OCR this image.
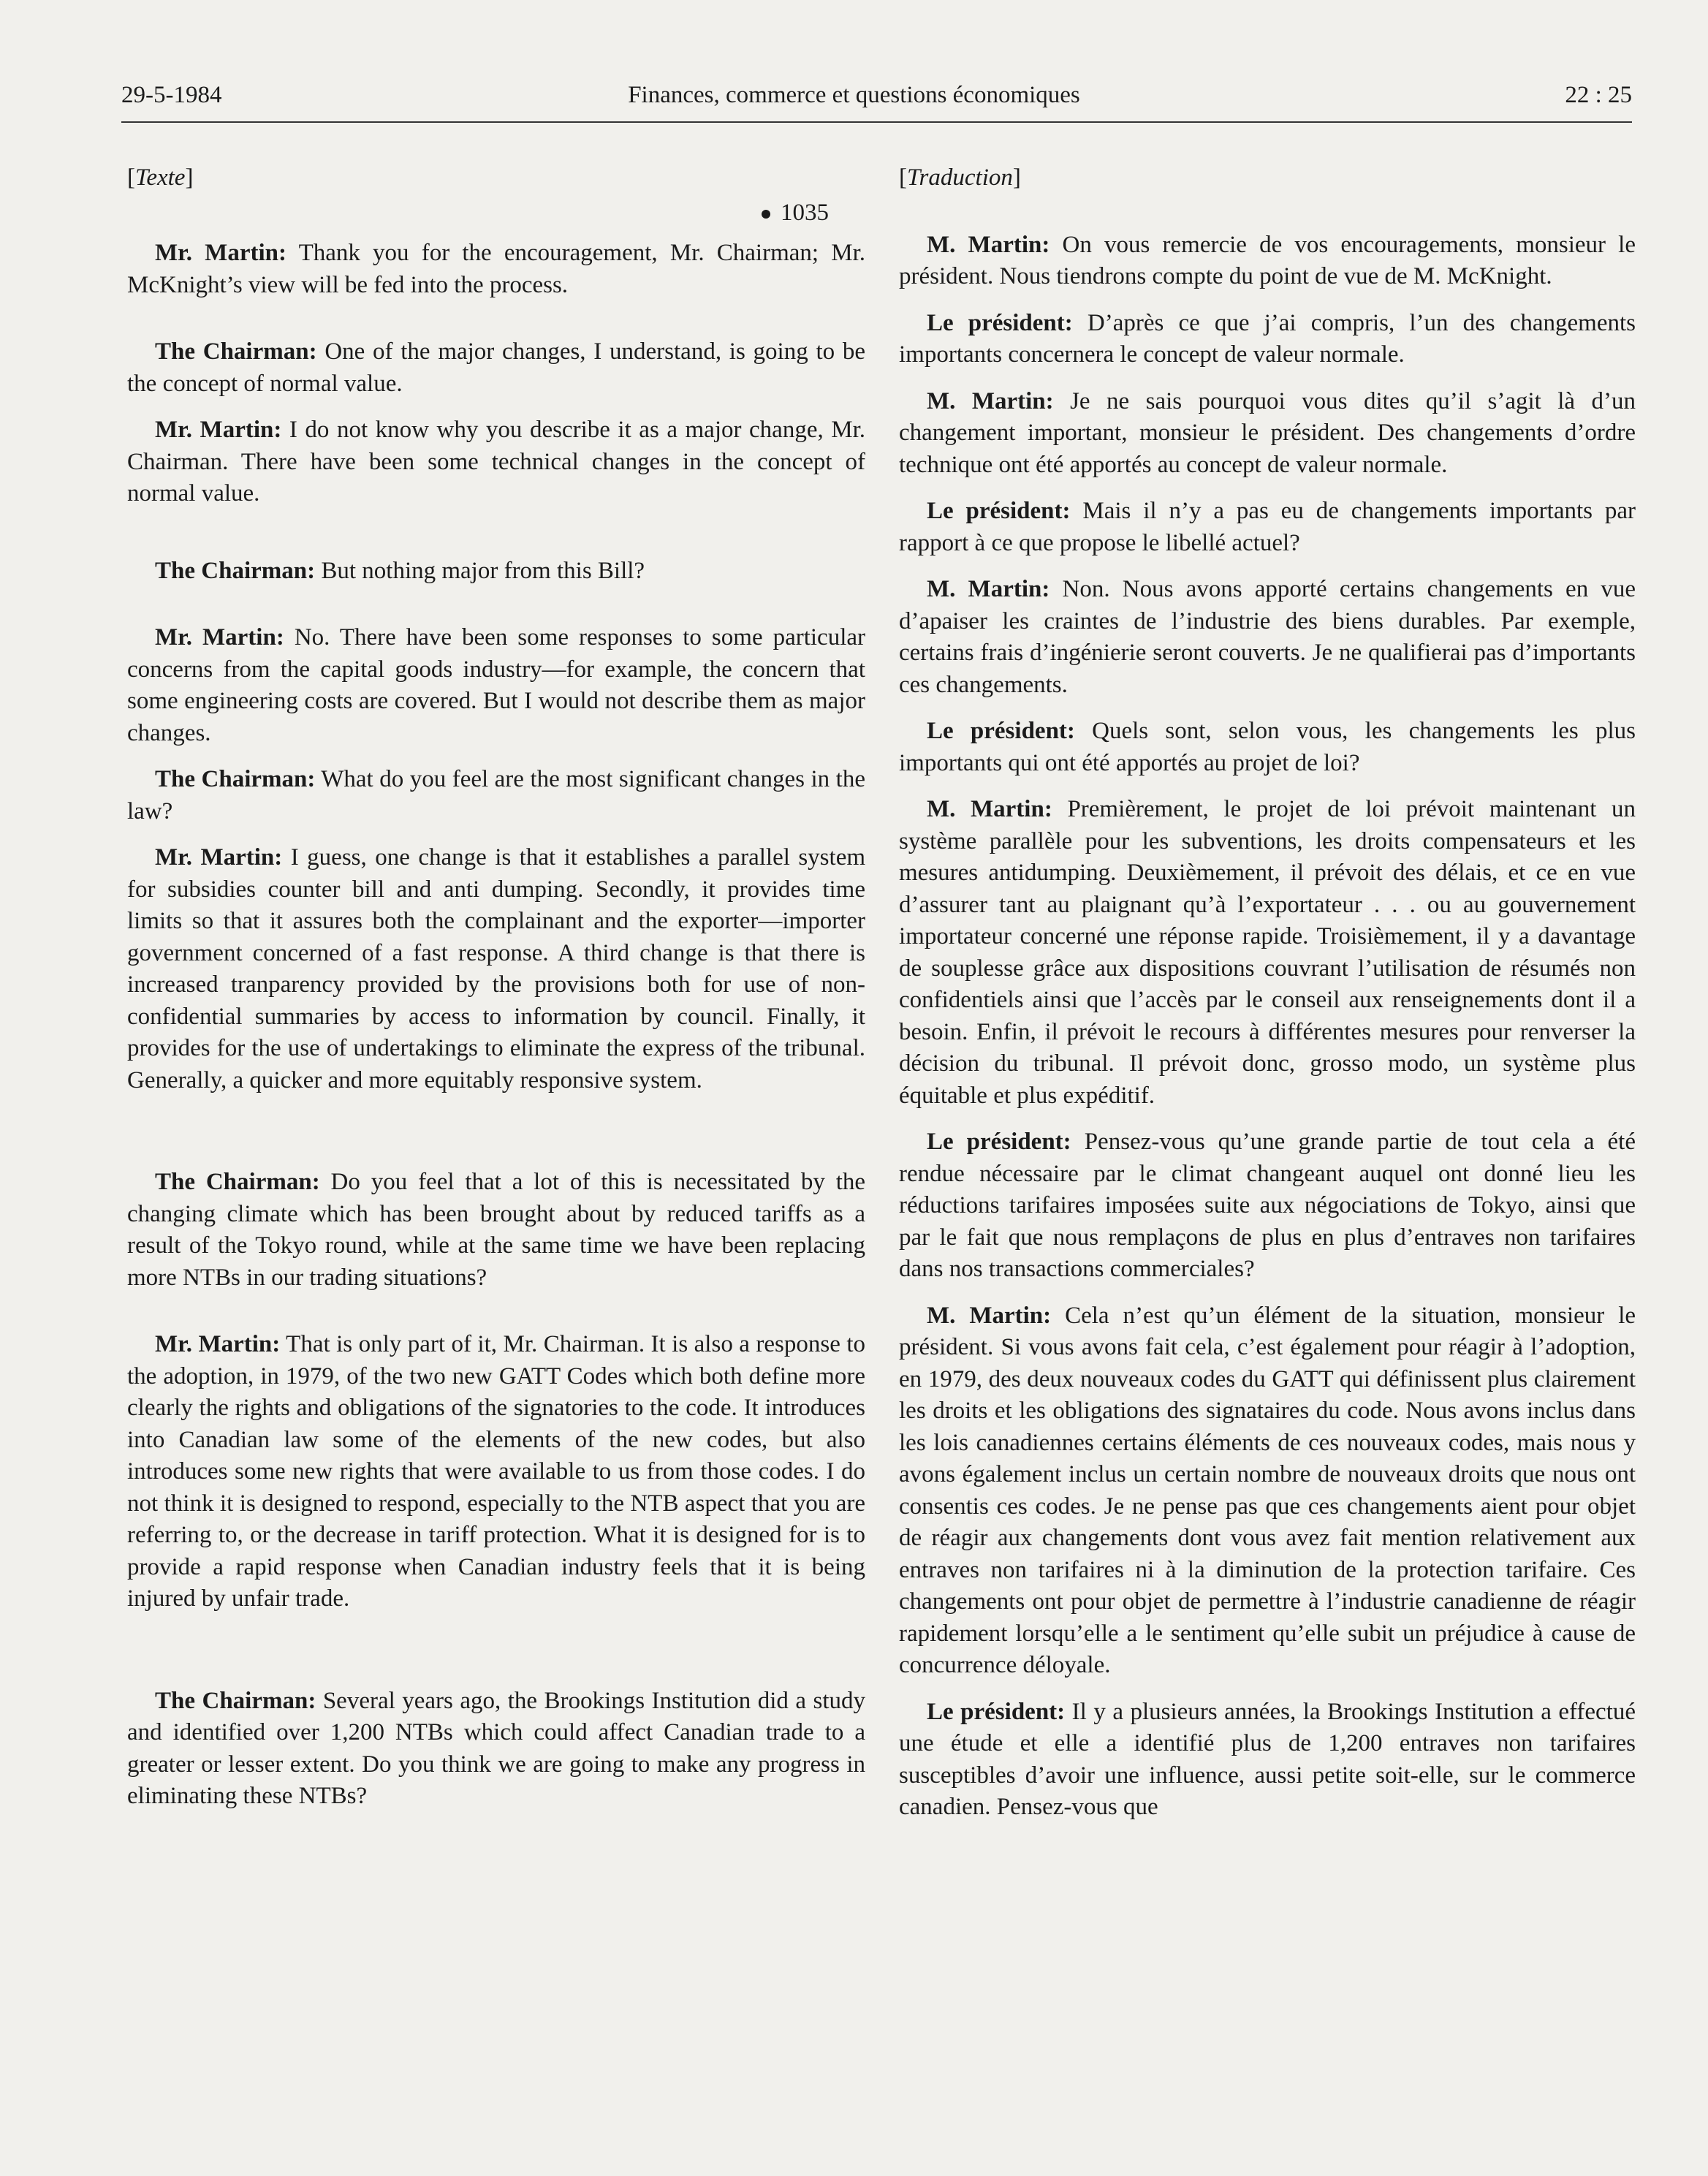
29-5-1984	Finances, commerce et questions économiques	22 : 25
[Texte]
1035

Mr. Martin: Thank you for the encouragement, Mr. Chairman; Mr. McKnight’s view will be fed into the process.

The Chairman: One of the major changes, I understand, is going to be the concept of normal value.

Mr. Martin: I do not know why you describe it as a major change, Mr. Chairman. There have been some technical changes in the concept of normal value.

The Chairman: But nothing major from this Bill?

Mr. Martin: No. There have been some responses to some particular concerns from the capital goods industry—for example, the concern that some engineering costs are covered. But I would not describe them as major changes.

The Chairman: What do you feel are the most significant changes in the law?

Mr. Martin: I guess, one change is that it establishes a parallel system for subsidies counter bill and anti dumping. Secondly, it provides time limits so that it assures both the complainant and the exporter—importer government concerned of a fast response. A third change is that there is increased tranparency provided by the provisions both for use of non-confidential summaries by access to information by council. Finally, it provides for the use of undertakings to eliminate the express of the tribunal. Generally, a quicker and more equitably responsive system.

The Chairman: Do you feel that a lot of this is necessitated by the changing climate which has been brought about by reduced tariffs as a result of the Tokyo round, while at the same time we have been replacing more NTBs in our trading situations?

Mr. Martin: That is only part of it, Mr. Chairman. It is also a response to the adoption, in 1979, of the two new GATT Codes which both define more clearly the rights and obligations of the signatories to the code. It introduces into Canadian law some of the elements of the new codes, but also introduces some new rights that were available to us from those codes. I do not think it is designed to respond, especially to the NTB aspect that you are referring to, or the decrease in tariff protection. What it is designed for is to provide a rapid response when Canadian industry feels that it is being injured by unfair trade.

The Chairman: Several years ago, the Brookings Institution did a study and identified over 1,200 NTBs which could affect Canadian trade to a greater or lesser extent. Do you think we are going to make any progress in eliminating these NTBs?

[Traduction]

M. Martin: On vous remercie de vos encouragements, monsieur le président. Nous tiendrons compte du point de vue de M. McKnight.

Le président: D’après ce que j’ai compris, l’un des changements importants concernera le concept de valeur normale.

M. Martin: Je ne sais pourquoi vous dites qu’il s’agit là d’un changement important, monsieur le président. Des changements d’ordre technique ont été apportés au concept de valeur normale.

Le président: Mais il n’y a pas eu de changements importants par rapport à ce que propose le libellé actuel?

M. Martin: Non. Nous avons apporté certains changements en vue d’apaiser les craintes de l’industrie des biens durables. Par exemple, certains frais d’ingénierie seront couverts. Je ne qualifierai pas d’importants ces changements.

Le président: Quels sont, selon vous, les changements les plus importants qui ont été apportés au projet de loi?

M. Martin: Premièrement, le projet de loi prévoit maintenant un système parallèle pour les subventions, les droits compensateurs et les mesures antidumping. Deuxièmement, il prévoit des délais, et ce en vue d’assurer tant au plaignant qu’à l’exportateur . . . ou au gouvernement importateur concerné une réponse rapide. Troisièmement, il y a davantage de souplesse grâce aux dispositions couvrant l’utilisation de résumés non confidentiels ainsi que l’accès par le conseil aux renseignements dont il a besoin. Enfin, il prévoit le recours à différentes mesures pour renverser la décision du tribunal. Il prévoit donc, grosso modo, un système plus équitable et plus expéditif.

Le président: Pensez-vous qu’une grande partie de tout cela a été rendue nécessaire par le climat changeant auquel ont donné lieu les réductions tarifaires imposées suite aux négociations de Tokyo, ainsi que par le fait que nous remplaçons de plus en plus d’entraves non tarifaires dans nos transactions commerciales?

M. Martin: Cela n’est qu’un élément de la situation, monsieur le président. Si vous avons fait cela, c’est également pour réagir à l’adoption, en 1979, des deux nouveaux codes du GATT qui définissent plus clairement les droits et les obligations des signataires du code. Nous avons inclus dans les lois canadiennes certains éléments de ces nouveaux codes, mais nous y avons également inclus un certain nombre de nouveaux droits que nous ont consentis ces codes. Je ne pense pas que ces changements aient pour objet de réagir aux changements dont vous avez fait mention relativement aux entraves non tarifaires ni à la diminution de la protection tarifaire. Ces changements ont pour objet de permettre à l’industrie canadienne de réagir rapidement lorsqu’elle a le sentiment qu’elle subit un préjudice à cause de concurrence déloyale.

Le président: Il y a plusieurs années, la Brookings Institution a effectué une étude et elle a identifié plus de 1,200 entraves non tarifaires susceptibles d’avoir une influence, aussi petite soit-elle, sur le commerce canadien. Pensez-vous que
